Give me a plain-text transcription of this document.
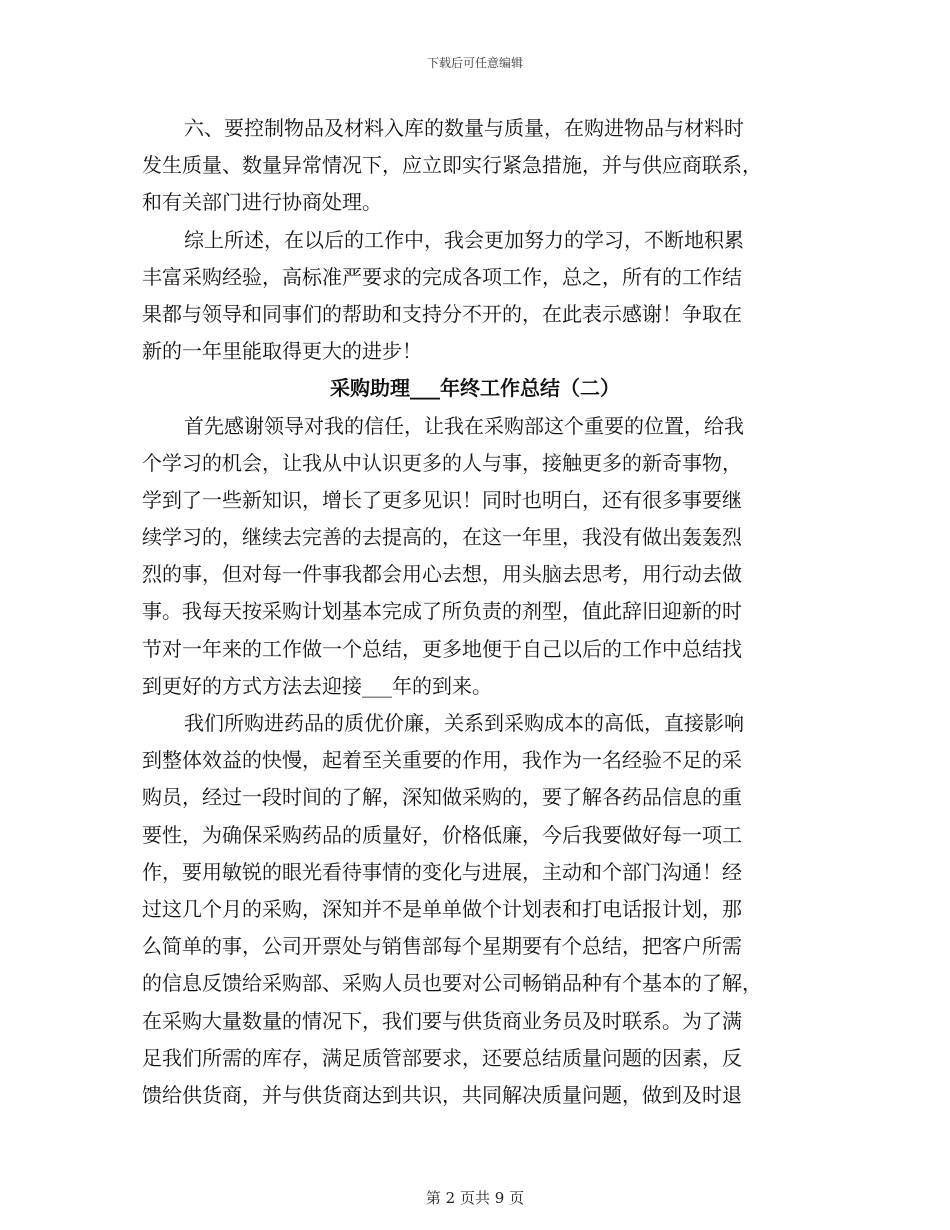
下载后可任意编辑
六、要控制物品及材料入库的数量与质量，在购进物品与材料时
发生质量、数量异常情况下，应立即实行紧急措施，并与供应商联系，
和有关部门进行协商处理。
综上所述，在以后的工作中，我会更加努力的学习，不断地积累
丰富采购经验，高标准严要求的完成各项工作，总之，所有的工作结
果都与领导和同事们的帮助和支持分不开的，在此表示感谢！争取在
新的一年里能取得更大的进步！
采购助理___年终工作总结（二）
首先感谢领导对我的信任，让我在采购部这个重要的位置，给我
个学习的机会，让我从中认识更多的人与事，接触更多的新奇事物，
学到了一些新知识，增长了更多见识！同时也明白，还有很多事要继
续学习的，继续去完善的去提高的，在这一年里，我没有做出轰轰烈
烈的事，但对每一件事我都会用心去想，用头脑去思考，用行动去做
事。我每天按采购计划基本完成了所负责的剂型，值此辞旧迎新的时
节对一年来的工作做一个总结，更多地便于自己以后的工作中总结找
到更好的方式方法去迎接___年的到来。
我们所购进药品的质优价廉，关系到采购成本的高低，直接影响
到整体效益的快慢，起着至关重要的作用，我作为一名经验不足的采
购员，经过一段时间的了解，深知做采购的，要了解各药品信息的重
要性，为确保采购药品的质量好，价格低廉，今后我要做好每一项工
作，要用敏锐的眼光看待事情的变化与进展，主动和个部门沟通！经
过这几个月的采购，深知并不是单单做个计划表和打电话报计划，那
么简单的事，公司开票处与销售部每个星期要有个总结，把客户所需
的信息反馈给采购部、采购人员也要对公司畅销品种有个基本的了解，
在采购大量数量的情况下，我们要与供货商业务员及时联系。为了满
足我们所需的库存，满足质管部要求，还要总结质量问题的因素，反
馈给供货商，并与供货商达到共识，共同解决质量问题，做到及时退
第 2 页共 9 页
